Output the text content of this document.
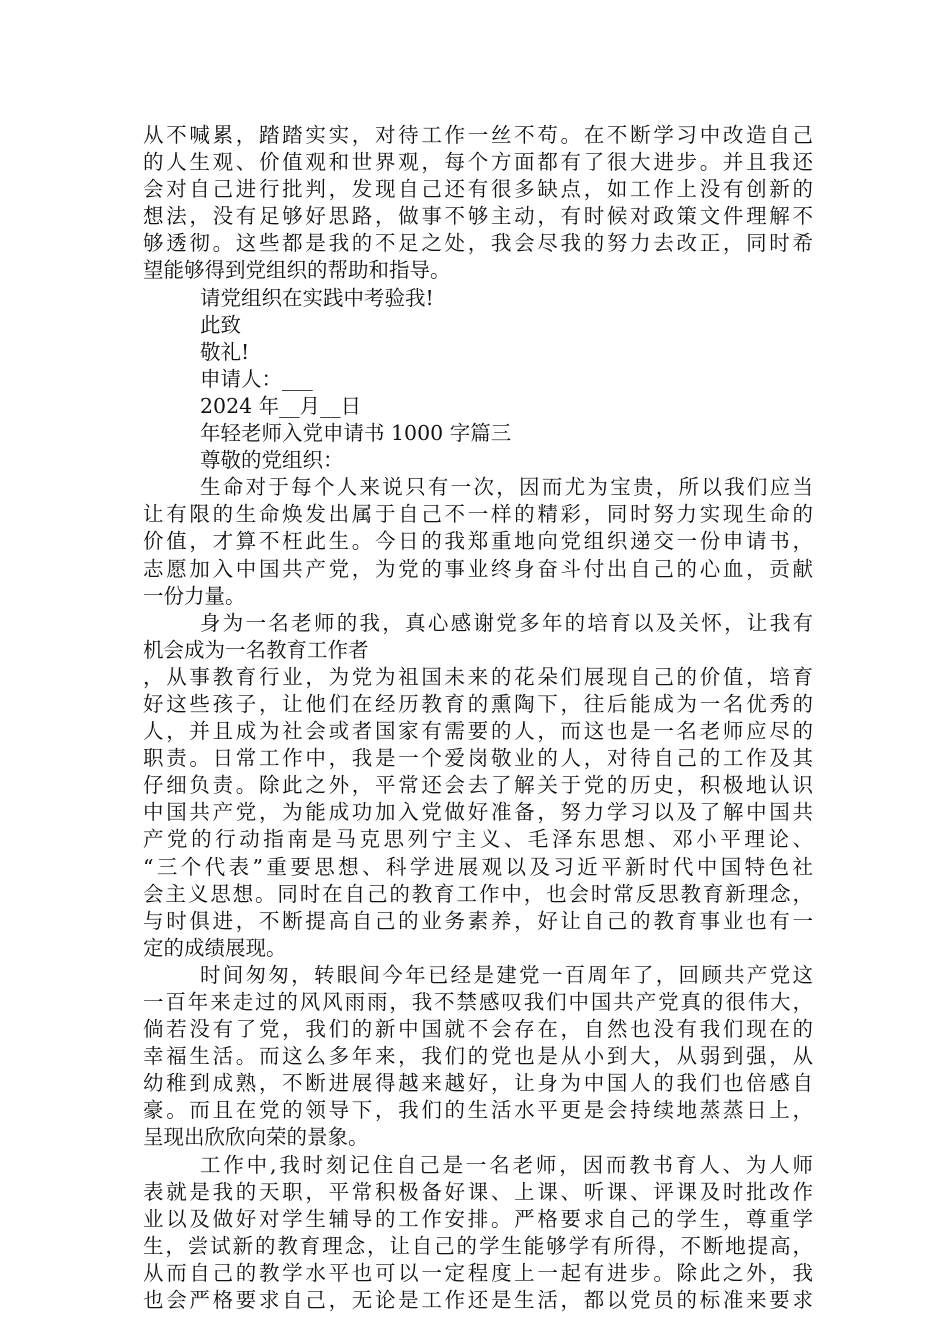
从不喊累，踏踏实实，对待工作一丝不苟。在不断学习中改造自己
的人生观、价值观和世界观，每个方面都有了很大进步。并且我还
会对自己进行批判，发现自己还有很多缺点，如工作上没有创新的
想法，没有足够好思路，做事不够主动，有时候对政策文件理解不
够透彻。这些都是我的不足之处，我会尽我的努力去改正，同时希
望能够得到党组织的帮助和指导。
请党组织在实践中考验我!
此致
敬礼!
申请人：___
2024 年__月__日
年轻老师入党申请书 1000 字篇三
尊敬的党组织：
生命对于每个人来说只有一次，因而尤为宝贵，所以我们应当
让有限的生命焕发出属于自己不一样的精彩，同时努力实现生命的
价值，才算不枉此生。今日的我郑重地向党组织递交一份申请书，
志愿加入中国共产党，为党的事业终身奋斗付出自己的心血，贡献
一份力量。
身为一名老师的我，真心感谢党多年的培育以及关怀，让我有
机会成为一名教育工作者
，从事教育行业，为党为祖国未来的花朵们展现自己的价值，培育
好这些孩子，让他们在经历教育的熏陶下，往后能成为一名优秀的
人，并且成为社会或者国家有需要的人，而这也是一名老师应尽的
职责。日常工作中，我是一个爱岗敬业的人，对待自己的工作及其
仔细负责。除此之外，平常还会去了解关于党的历史，积极地认识
中国共产党，为能成功加入党做好准备，努力学习以及了解中国共
产党的行动指南是马克思列宁主义、毛泽东思想、邓小平理论、
“三个代表”重要思想、科学进展观以及习近平新时代中国特色社
会主义思想。同时在自己的教育工作中，也会时常反思教育新理念，
与时俱进，不断提高自己的业务素养，好让自己的教育事业也有一
定的成绩展现。
时间匆匆，转眼间今年已经是建党一百周年了，回顾共产党这
一百年来走过的风风雨雨，我不禁感叹我们中国共产党真的很伟大，
倘若没有了党，我们的新中国就不会存在，自然也没有我们现在的
幸福生活。而这么多年来，我们的党也是从小到大，从弱到强，从
幼稚到成熟，不断进展得越来越好，让身为中国人的我们也倍感自
豪。而且在党的领导下，我们的生活水平更是会持续地蒸蒸日上，
呈现出欣欣向荣的景象。
工作中,我时刻记住自己是一名老师，因而教书育人、为人师
表就是我的天职，平常积极备好课、上课、听课、评课及时批改作
业以及做好对学生辅导的工作安排。严格要求自己的学生，尊重学
生，尝试新的教育理念，让自己的学生能够学有所得，不断地提高，
从而自己的教学水平也可以一定程度上一起有进步。除此之外，我
也会严格要求自己，无论是工作还是生活，都以党员的标准来要求
